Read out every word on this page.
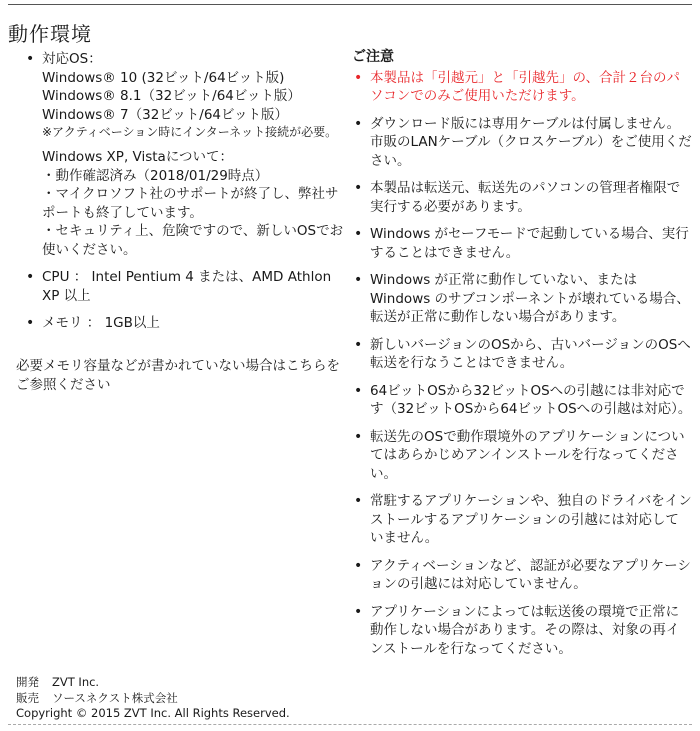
動作環境
• 対応OS：
Windows® 10 (32ビット/64ビット版)
Windows® 8.1（32ビット/64ビット版）
Windows® 7（32ビット/64ビット版）
※アクティベーション時にインターネット接続が必要。
Windows XP, Vistaについて：
・動作確認済み（2018/01/29時点）
・マイクロソフト社のサポートが終了し、弊社サポートも終了しています。
・セキュリティ上、危険ですので、新しいOSでお使いください。
• CPU ： Intel Pentium 4 または、AMD Athlon XP 以上
• メモリ ： 1GB以上
必要メモリ容量などが書かれていない場合はこちらをご参照ください
ご注意
• 本製品は「引越元」と「引越先」の、合計２台のパソコンでのみご使用いただけます。
• ダウンロード版には専用ケーブルは付属しません。市販のLANケーブル（クロスケーブル）をご使用ください。
• 本製品は転送元、転送先のパソコンの管理者権限で実行する必要があります。
• Windows がセーフモードで起動している場合、実行することはできません。
• Windows が正常に動作していない、またはWindows のサブコンポーネントが壊れている場合、転送が正常に動作しない場合があります。
• 新しいバージョンのOSから、古いバージョンのOSへ転送を行なうことはできません。
• 64ビットOSから32ビットOSへの引越には非対応です（32ビットOSから64ビットOSへの引越は対応）。
• 転送先のOSで動作環境外のアプリケーションについてはあらかじめアンインストールを行なってください。
• 常駐するアプリケーションや、独自のドライバをインストールするアプリケーションの引越には対応していません。
• アクティベーションなど、認証が必要なアプリケーションの引越には対応していません。
• アプリケーションによっては転送後の環境で正常に動作しない場合があります。その際は、対象の再インストールを行なってください。
開発 ZVT Inc.
販売 ソースネクスト株式会社
Copyright © 2015 ZVT Inc. All Rights Reserved.
